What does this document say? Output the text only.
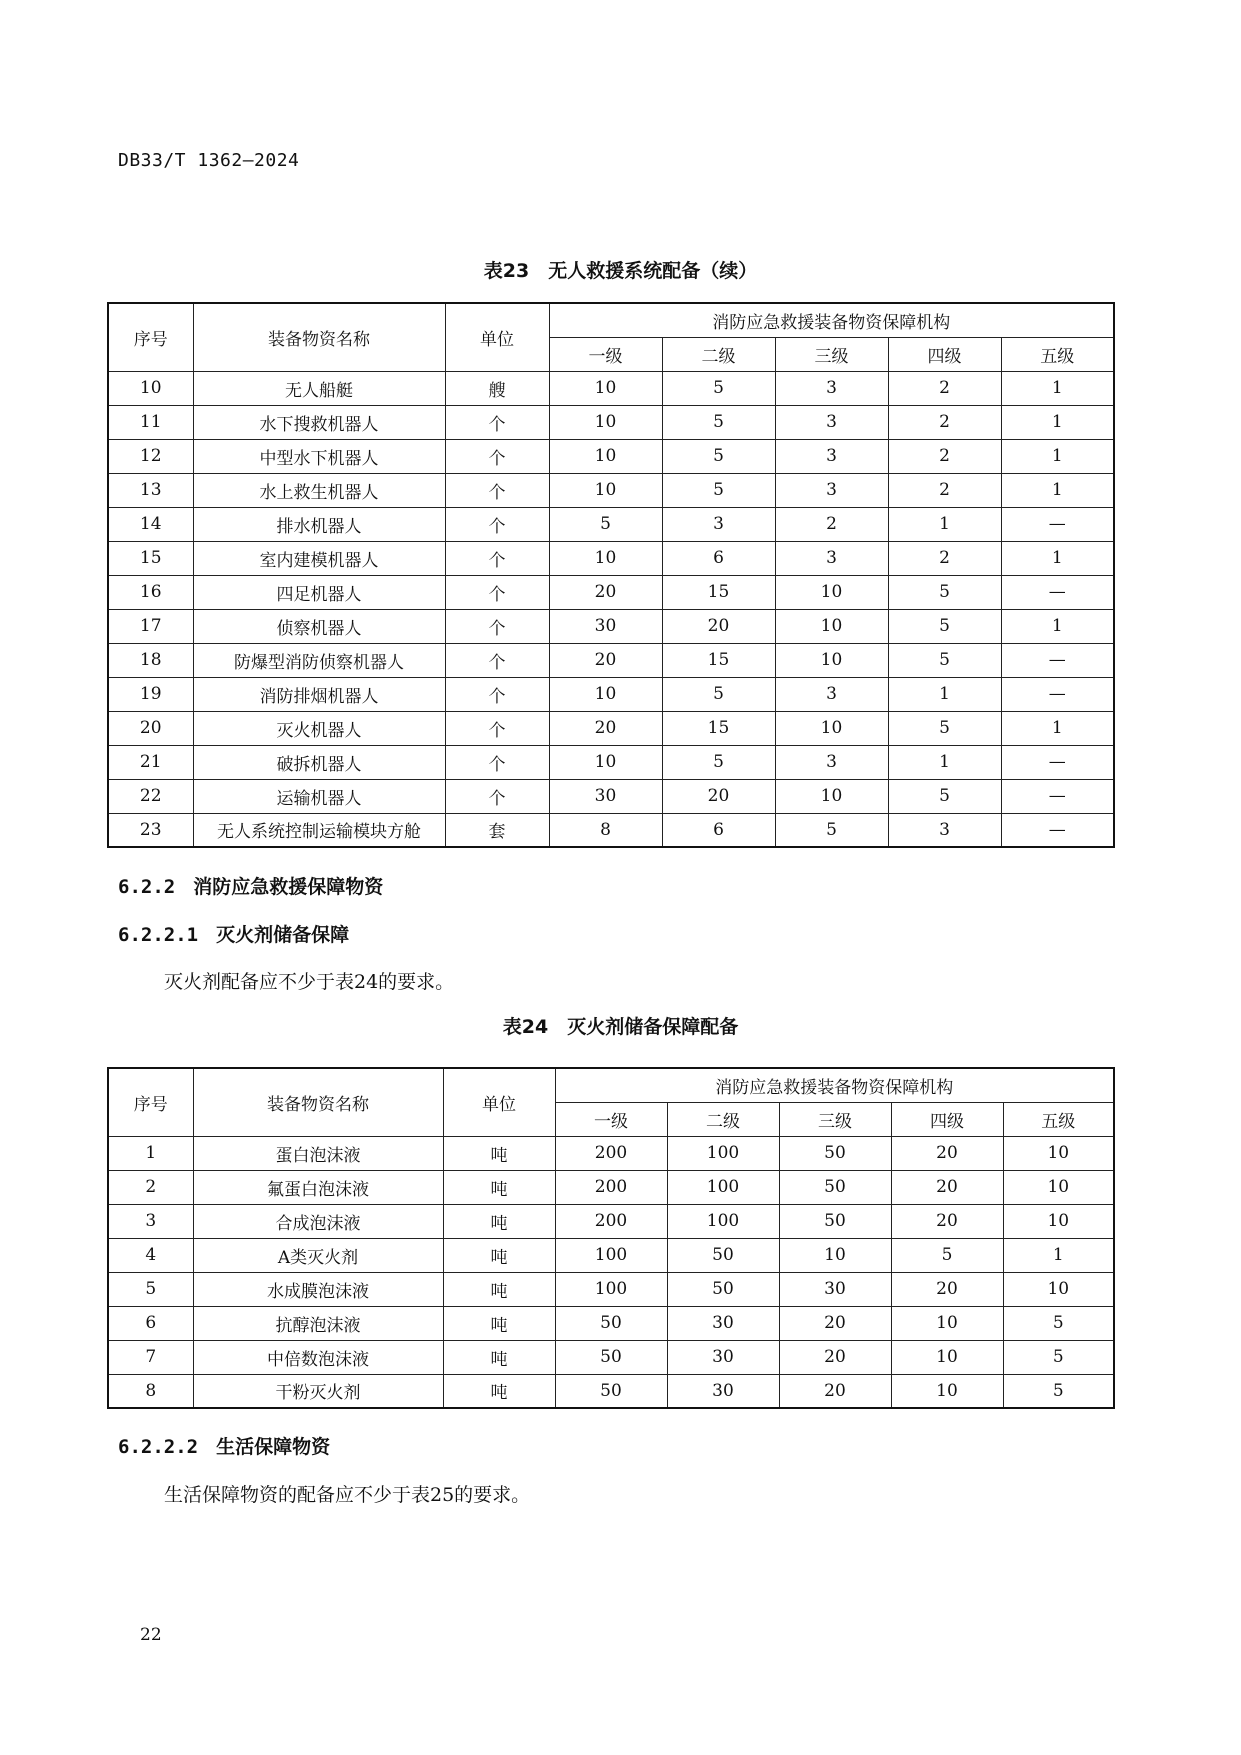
DB33/T 1362—2024
表23　无人救援系统配备（续）
序号	装备物资名称	单位	消防应急救援装备物资保障机构				
			一级	二级	三级	四级	五级
10	无人船艇	艘	10	5	3	2	1
11	水下搜救机器人	个	10	5	3	2	1
12	中型水下机器人	个	10	5	3	2	1
13	水上救生机器人	个	10	5	3	2	1
14	排水机器人	个	5	3	2	1	—
15	室内建模机器人	个	10	6	3	2	1
16	四足机器人	个	20	15	10	5	—
17	侦察机器人	个	30	20	10	5	1
18	防爆型消防侦察机器人	个	20	15	10	5	—
19	消防排烟机器人	个	10	5	3	1	—
20	灭火机器人	个	20	15	10	5	1
21	破拆机器人	个	10	5	3	1	—
22	运输机器人	个	30	20	10	5	—
23	无人系统控制运输模块方舱	套	8	6	5	3	—
6.2.2 消防应急救援保障物资
6.2.2.1 灭火剂储备保障
灭火剂配备应不少于表24的要求。
表24　灭火剂储备保障配备
序号	装备物资名称	单位	消防应急救援装备物资保障机构				
			一级	二级	三级	四级	五级
1	蛋白泡沫液	吨	200	100	50	20	10
2	氟蛋白泡沫液	吨	200	100	50	20	10
3	合成泡沫液	吨	200	100	50	20	10
4	A类灭火剂	吨	100	50	10	5	1
5	水成膜泡沫液	吨	100	50	30	20	10
6	抗醇泡沫液	吨	50	30	20	10	5
7	中倍数泡沫液	吨	50	30	20	10	5
8	干粉灭火剂	吨	50	30	20	10	5
6.2.2.2 生活保障物资
生活保障物资的配备应不少于表25的要求。
22
